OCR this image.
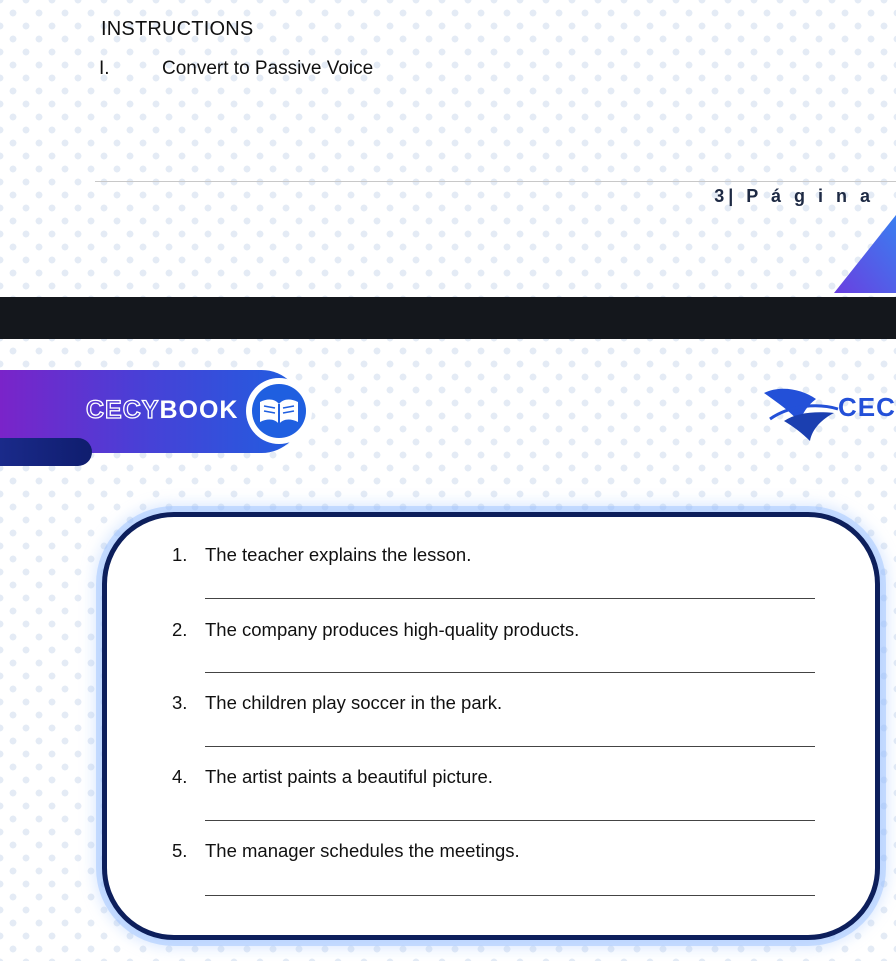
INSTRUCTIONS
I.	Convert to Passive Voice
3 | P á g i n a
CECYBOOK	CEC
1. The teacher explains the lesson.
2. The company produces high-quality products.
3. The children play soccer in the park.
4. The artist paints a beautiful picture.
5. The manager schedules the meetings.
